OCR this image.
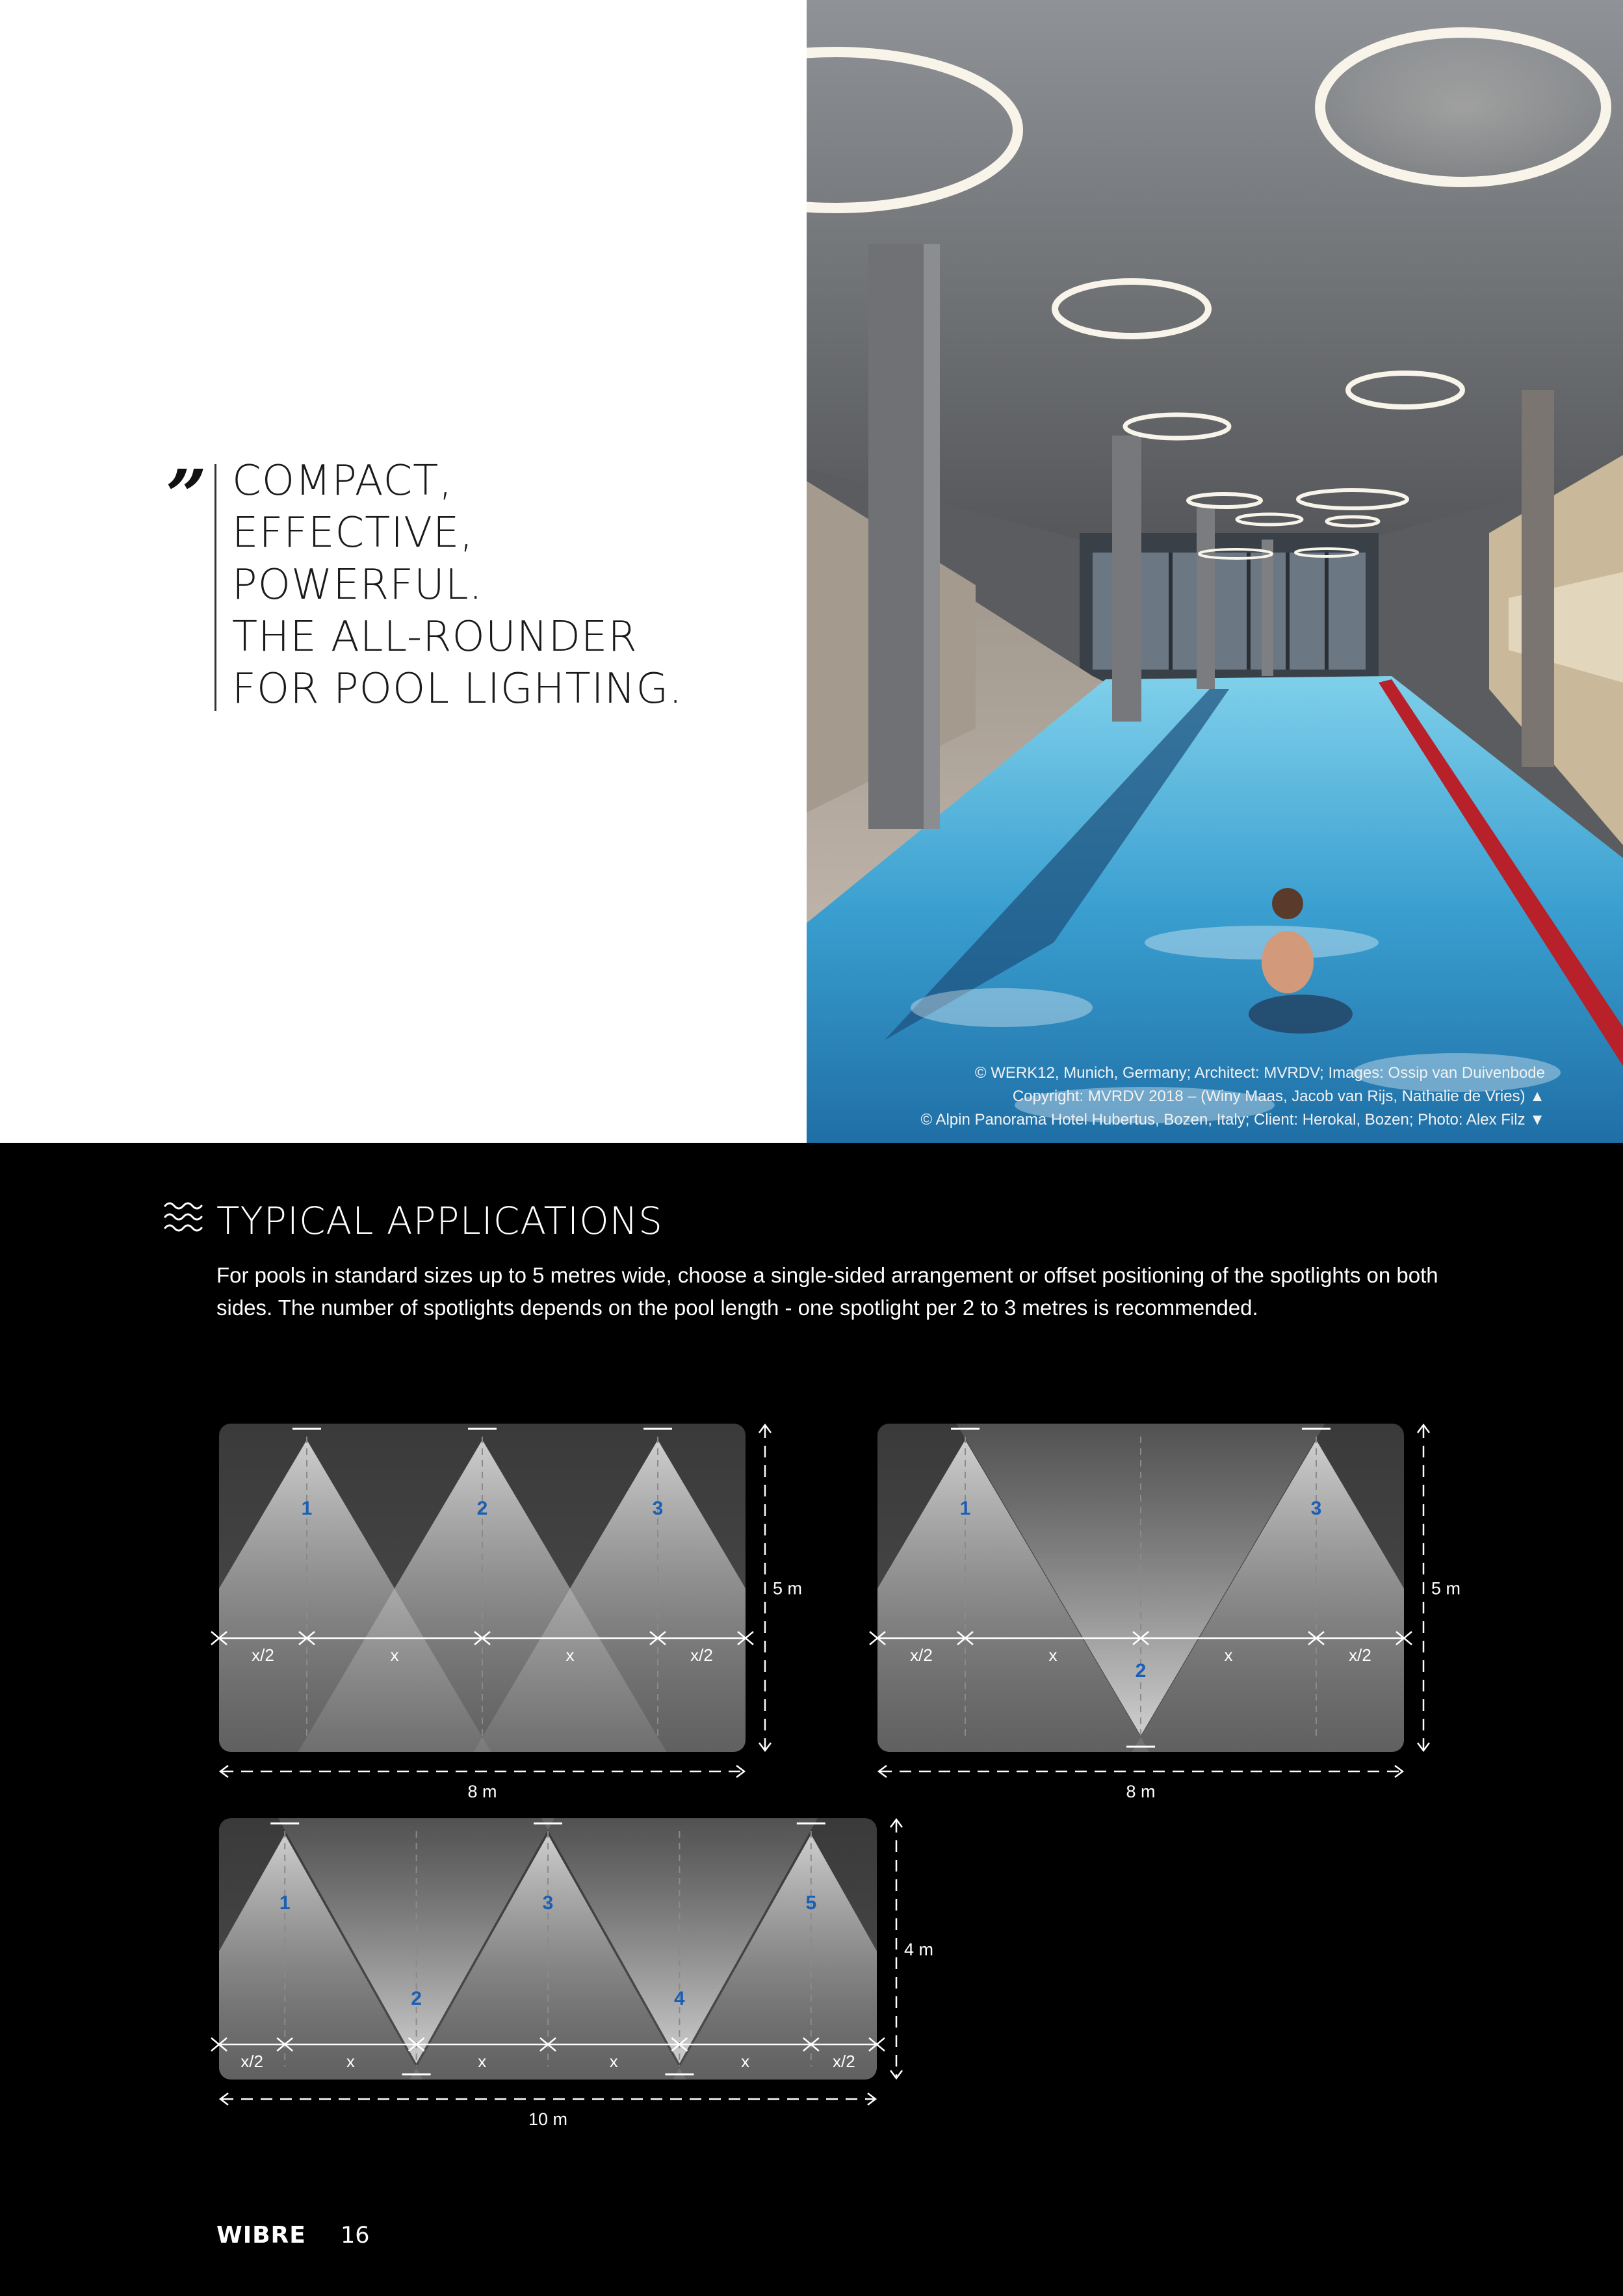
” COMPACT,
EFFECTIVE,
POWERFUL.
THE ALL-ROUNDER
FOR POOL LIGHTING.
© WERK12, Munich, Germany; Architect: MVRDV; Images: Ossip van Duivenbode
Copyright: MVRDV 2018 – (Winy Maas, Jacob van Rijs, Nathalie de Vries) ▲
© Alpin Panorama Hotel Hubertus, Bozen, Italy; Client: Herokal, Bozen; Photo: Alex Filz ▼
TYPICAL APPLICATIONS
For pools in standard sizes up to 5 metres wide, choose a single-sided arrangement or offset positioning of the spotlights on both sides. The number of spotlights depends on the pool length - one spotlight per 2 to 3 metres is recommended.
1	2	3
x/2	x	x	x/2
8 m
5 m
1
2
3
x/2	x	x	x/2
8 m
5 m
1
2
3
4
5
x/2	x	x	x	x	x/2
10 m
4 m
WIBRE 16
